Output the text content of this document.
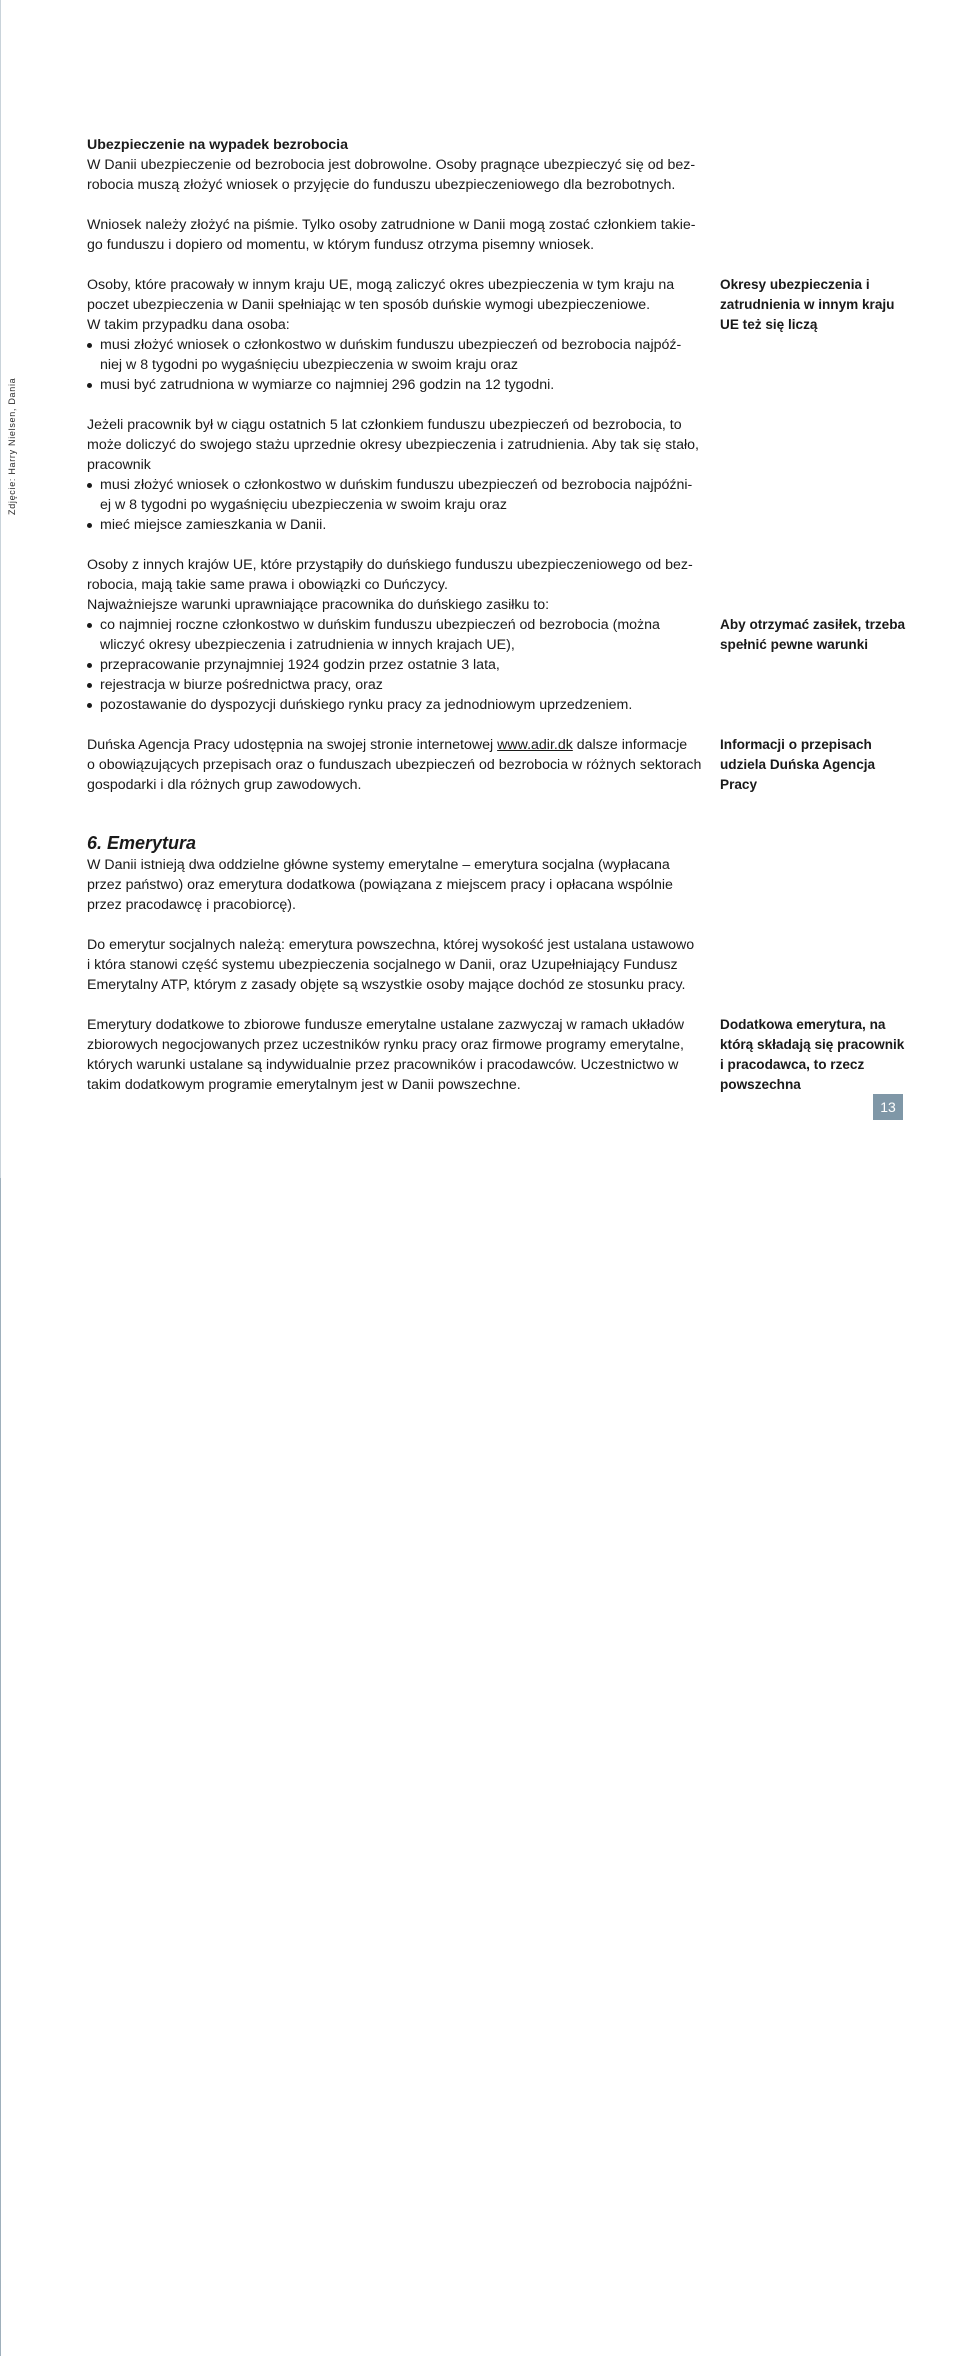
Zdjęcie: Harry Nielsen, Dania

Ubezpieczenie na wypadek bezrobocia

W Danii ubezpieczenie od bezrobocia jest dobrowolne. Osoby pragnące ubezpieczyć się od bez-
robocia muszą złożyć wniosek o przyjęcie do funduszu ubezpieczeniowego dla bezrobotnych.

Wniosek należy złożyć na piśmie. Tylko osoby zatrudnione w Danii mogą zostać członkiem takie-
go funduszu i dopiero od momentu, w którym fundusz otrzyma pisemny wniosek.
Osoby, które pracowały w innym kraju UE, mogą zaliczyć okres ubezpieczenia w tym kraju na
poczet ubezpieczenia w Danii spełniając w ten sposób duńskie wymogi ubezpieczeniowe.
W takim przypadku dana osoba:
musi złożyć wniosek o członkostwo w duńskim funduszu ubezpieczeń od bezrobocia najpóź-
niej w 8 tygodni po wygaśnięciu ubezpieczenia w swoim kraju oraz
musi być zatrudniona w wymiarze co najmniej 296 godzin na 12 tygodni.
Jeżeli pracownik był w ciągu ostatnich 5 lat członkiem funduszu ubezpieczeń od bezrobocia, to
może doliczyć do swojego stażu uprzednie okresy ubezpieczenia i zatrudnienia. Aby tak się stało,
pracownik
musi złożyć wniosek o członkostwo w duńskim funduszu ubezpieczeń od bezrobocia najpóźni-
ej w 8 tygodni po wygaśnięciu ubezpieczenia w swoim kraju oraz
mieć miejsce zamieszkania w Danii.
Osoby z innych krajów UE, które przystąpiły do duńskiego funduszu ubezpieczeniowego od bez-
robocia, mają takie same prawa i obowiązki co Duńczycy.
Najważniejsze warunki uprawniające pracownika do duńskiego zasiłku to:
co najmniej roczne członkostwo w duńskim funduszu ubezpieczeń od bezrobocia (można
wliczyć okresy ubezpieczenia i zatrudnienia w innych krajach UE),
przepracowanie przynajmniej 1924 godzin przez ostatnie 3 lata,
rejestracja w biurze pośrednictwa pracy, oraz
pozostawanie do dyspozycji duńskiego rynku pracy za jednodniowym uprzedzeniem.
Duńska Agencja Pracy udostępnia na swojej stronie internetowej www.adir.dk dalsze informacje
o obowiązujących przepisach oraz o funduszach ubezpieczeń od bezrobocia w różnych sektorach
gospodarki i dla różnych grup zawodowych.
Okresy ubezpieczenia i
zatrudnienia w innym kraju
UE też się liczą
Aby otrzymać zasiłek, trzeba
spełnić pewne warunki
Informacji o przepisach
udziela Duńska Agencja
Pracy
Dodatkowa emerytura, na
którą składają się pracownik
i pracodawca, to rzecz
powszechna
6. Emerytura
W Danii istnieją dwa oddzielne główne systemy emerytalne – emerytura socjalna (wypłacana
przez państwo) oraz emerytura dodatkowa (powiązana z miejscem pracy i opłacana wspólnie
przez pracodawcę i pracobiorcę).
Do emerytur socjalnych należą: emerytura powszechna, której wysokość jest ustalana ustawowo
i która stanowi część systemu ubezpieczenia socjalnego w Danii, oraz Uzupełniający Fundusz
Emerytalny ATP, którym z zasady objęte są wszystkie osoby mające dochód ze stosunku pracy.
Emerytury dodatkowe to zbiorowe fundusze emerytalne ustalane zazwyczaj w ramach układów
zbiorowych negocjowanych przez uczestników rynku pracy oraz firmowe programy emerytalne,
których warunki ustalane są indywidualnie przez pracowników i pracodawców. Uczestnictwo w
takim dodatkowym programie emerytalnym jest w Danii powszechne.
13
